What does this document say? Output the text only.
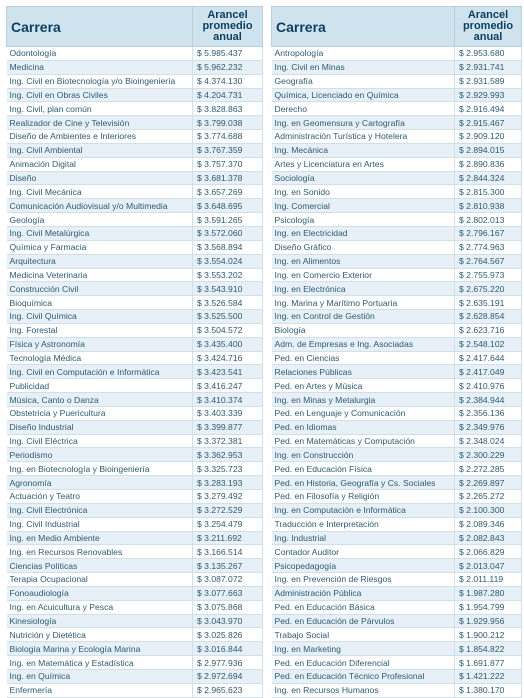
Carrera	Arancel
promedio
anual

Odontología	$ 5.985.437
Medicina	$ 5.962.232
Ing. Civil en Biotecnología y/o Bioingeniería	$ 4.374.130
Ing. Civil en Obras Civiles	$ 4.204.731
Ing. Civil, plan común	$ 3.828.863
Realizador de Cine y Televisión	$ 3.799.038
Diseño de Ambientes e Interiores	$ 3.774.688
Ing. Civil Ambiental	$ 3.767.359
Animación Digital	$ 3.757.370
Diseño	$ 3.681.378
Ing. Civil Mecánica	$ 3.657.269
Comunicación Audiovisual y/o Multimedia	$ 3.648.695
Geología	$ 3.591.265
Ing. Civil Metalúrgica	$ 3.572.060
Química y Farmacia	$ 3.568.894
Arquitectura	$ 3.554.024
Medicina Veterinaria	$ 3.553.202
Construcción Civil	$ 3.543.910
Bioquímica	$ 3.526.584
Ing. Civil Química	$ 3.525.500
Ing. Forestal	$ 3.504.572
Física y Astronomía	$ 3.435.400
Tecnología Médica	$ 3.424.716
Ing. Civil en Computación e Informática	$ 3.423.541
Publicidad	$ 3.416.247
Música, Canto o Danza	$ 3.410.374
Obstetricia y Puericultura	$ 3.403.339
Diseño Industrial	$ 3.399.877
Ing. Civil Eléctrica	$ 3.372.381
Periodismo	$ 3.362.953
Ing. en Biotecnología y Bioingeniería	$ 3.325.723
Agronomía	$ 3.283.193
Actuación y Teatro	$ 3.279.492
Ing. Civil Electrónica	$ 3.272.529
Ing. Civil Industrial	$ 3.254.479
Ing. en Medio Ambiente	$ 3.211.692
Ing. en Recursos Renovables	$ 3.166.514
Ciencias Políticas	$ 3.135.267
Terapia Ocupacional	$ 3.087.072
Fonoaudiología	$ 3.077.663
Ing. en Acuicultura y Pesca	$ 3.075.868
Kinesiología	$ 3.043.970
Nutrición y Dietética	$ 3.025.826
Biología Marina y Ecología Marina	$ 3.016.844
Ing. en Matemática y Estadística	$ 2.977.936
Ing. en Química	$ 2.972.694
Enfermería	$ 2.965.623
Carrera	Arancel
promedio
anual

Antropología	$ 2.953.680
Ing. Civil en Minas	$ 2.931.741
Geografía	$ 2.931.589
Química, Licenciado en Química	$ 2.929.993
Derecho	$ 2.916.494
Ing. en Geomensura y Cartografía	$ 2.915.467
Administración Turística y Hotelera	$ 2.909.120
Ing. Mecánica	$ 2.894.015
Artes y Licenciatura en Artes	$ 2.890.836
Sociología	$ 2.844.324
Ing. en Sonido	$ 2.815.300
Ing. Comercial	$ 2.810.938
Psicología	$ 2.802.013
Ing. en Electricidad	$ 2.796.167
Diseño Gráfico	$ 2.774.963
Ing. en Alimentos	$ 2.764.567
Ing. en Comercio Exterior	$ 2.755.973
Ing. en Electrónica	$ 2.675.220
Ing. Marina y Marítimo Portuaria	$ 2.635.191
Ing. en Control de Gestión	$ 2.628.854
Biología	$ 2.623.716
Adm. de Empresas e Ing. Asociadas	$ 2.548.102
Ped. en Ciencias	$ 2.417.644
Relaciones Públicas	$ 2.417.049
Ped. en Artes y Música	$ 2.410.976
Ing. en Minas y Metalurgia	$ 2.384.944
Ped. en Lenguaje y Comunicación	$ 2.356.136
Ped. en Idiomas	$ 2.349.976
Ped. en Matemáticas y Computación	$ 2.348.024
Ing. en Construcción	$ 2.300.229
Ped. en Educación Física	$ 2.272.285
Ped. en Historia, Geografía y Cs. Sociales	$ 2.269.897
Ped. en Filosofía y Religión	$ 2.265.272
Ing. en Computación e Informática	$ 2.100.300
Traducción e Interpretación	$ 2.089.346
Ing. Industrial	$ 2.082.843
Contador Auditor	$ 2.066.829
Psicopedagogía	$ 2.013.047
Ing. en Prevención de Riesgos	$ 2.011.119
Administración Pública	$ 1.987.280
Ped. en Educación Básica	$ 1.954.799
Ped. en Educación de Párvulos	$ 1.929.956
Trabajo Social	$ 1.900.212
Ing. en Marketing	$ 1.854.822
Ped. en Educación Diferencial	$ 1.691.877
Ped. en Educación Técnico Profesional	$ 1.421.222
Ing. en Recursos Humanos	$ 1.380.170
